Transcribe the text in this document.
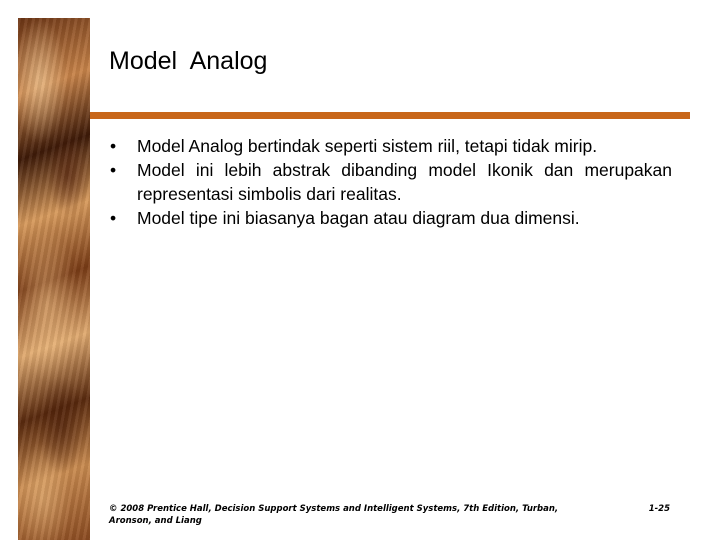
Model  Analog
• Model Analog bertindak seperti sistem riil, tetapi tidak mirip.
• Model ini lebih abstrak dibanding model Ikonik dan merupakan representasi simbolis dari realitas.
• Model tipe ini biasanya bagan atau diagram dua dimensi.
© 2008 Prentice Hall, Decision Support Systems and Intelligent Systems, 7th Edition, Turban, Aronson, and Liang
1-25
